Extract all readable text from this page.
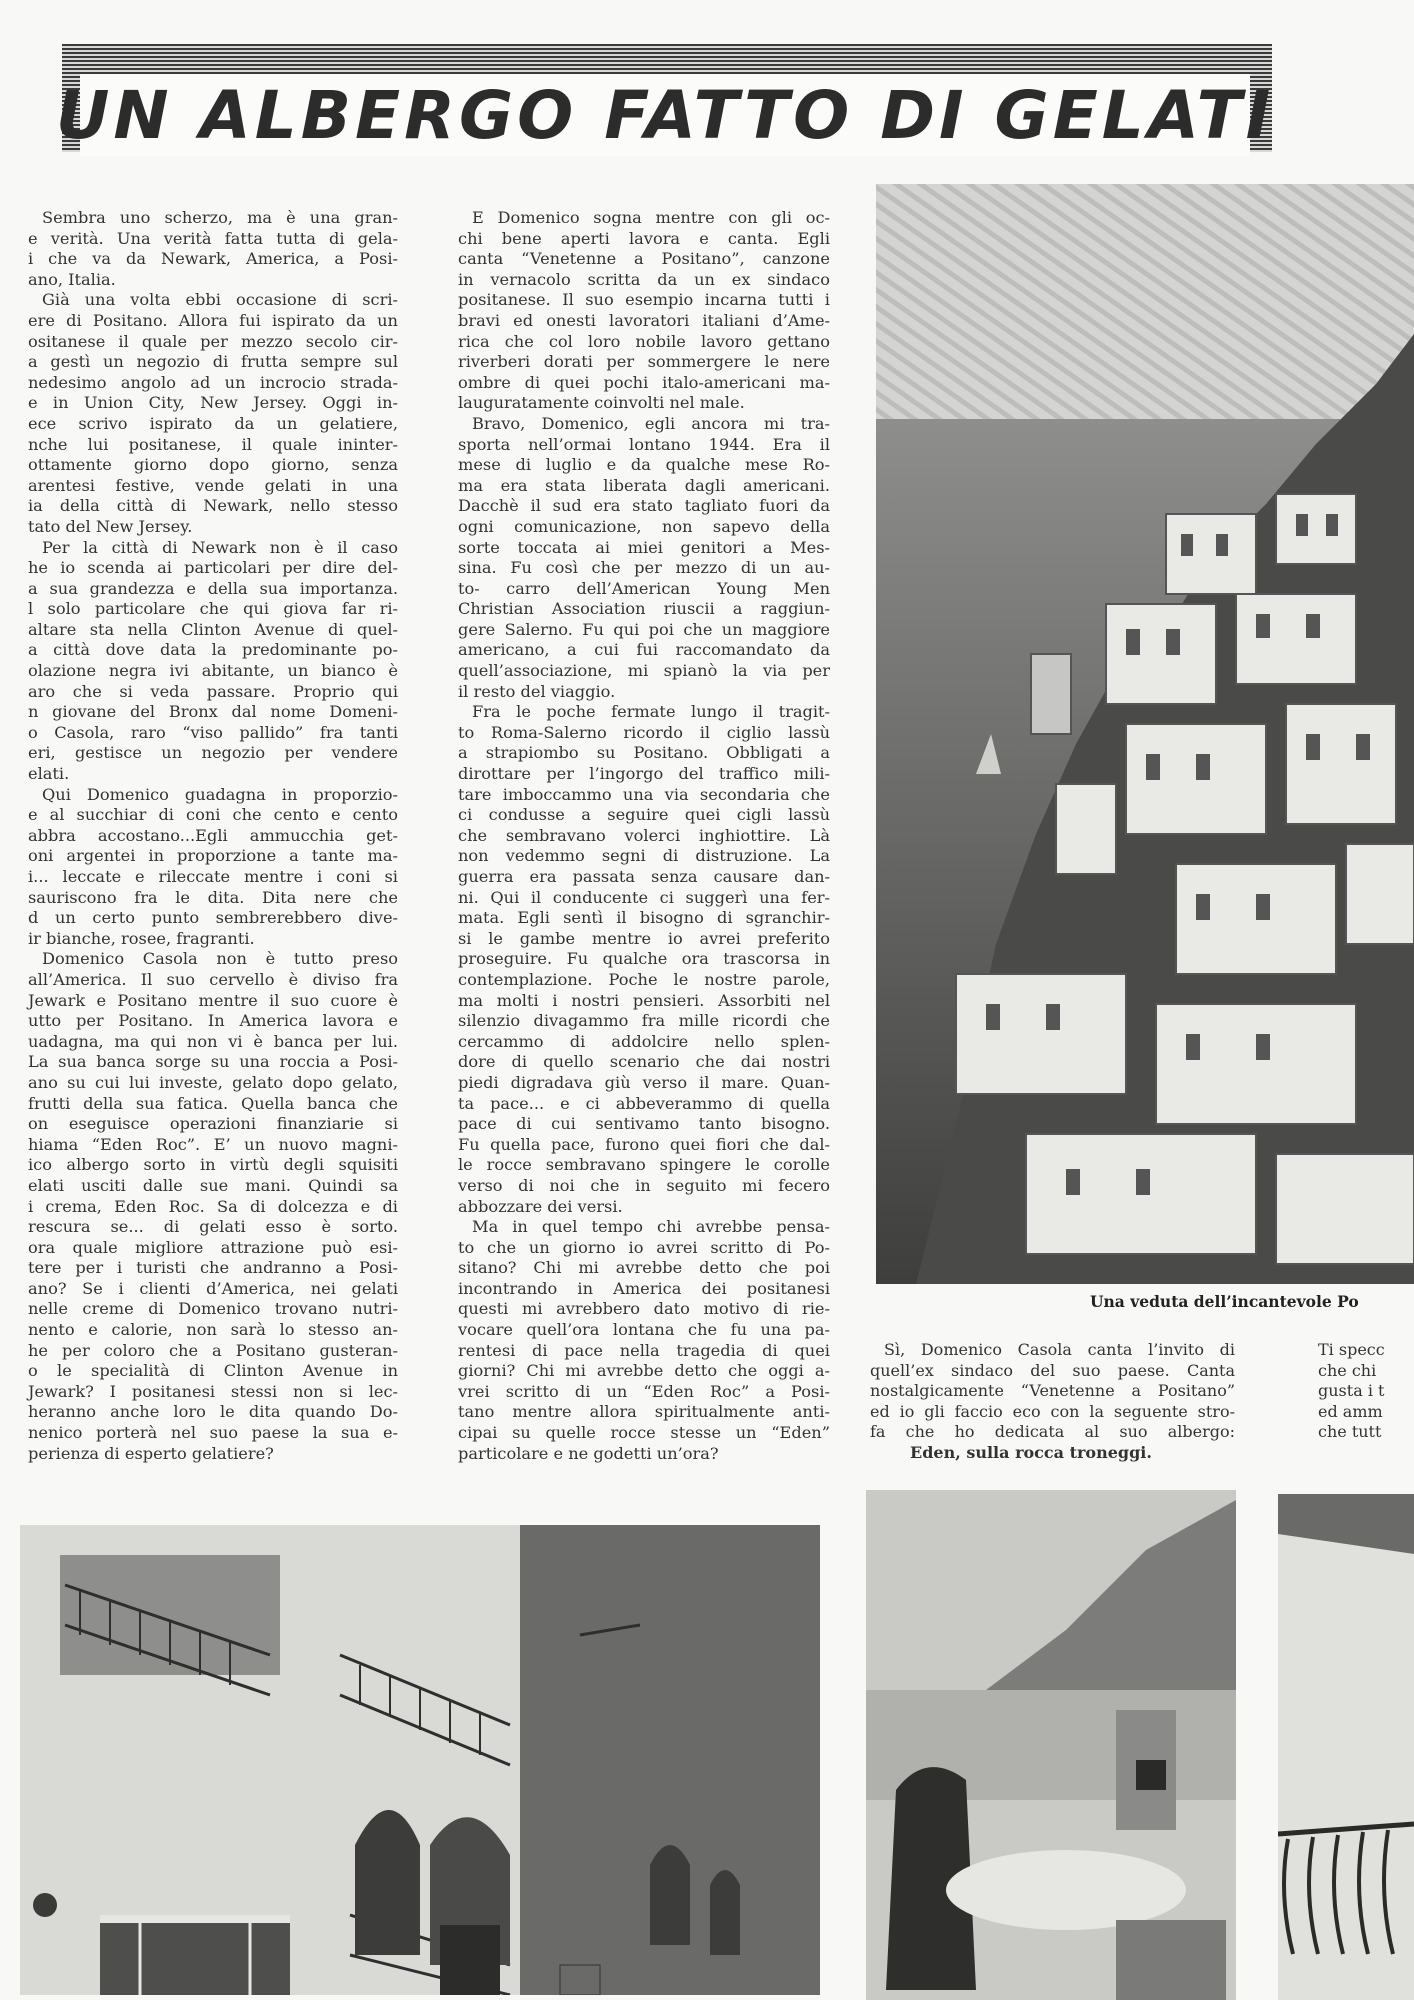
UN ALBERGO FATTO DI GELATI
Sembra uno scherzo, ma è una gran-
e verità. Una verità fatta tutta di gela-
i che va da Newark, America, a Posi-
ano, Italia.
Già una volta ebbi occasione di scri-
ere di Positano. Allora fui ispirato da un
ositanese il quale per mezzo secolo cir-
a gestì un negozio di frutta sempre sul
nedesimo angolo ad un incrocio strada-
e in Union City, New Jersey. Oggi in-
ece scrivo ispirato da un gelatiere,
nche lui positanese, il quale ininter-
ottamente giorno dopo giorno, senza
arentesi festive, vende gelati in una
ia della città di Newark, nello stesso
tato del New Jersey.
Per la città di Newark non è il caso
he io scenda ai particolari per dire del-
a sua grandezza e della sua importanza.
l solo particolare che qui giova far ri-
altare sta nella Clinton Avenue di quel-
a città dove data la predominante po-
olazione negra ivi abitante, un bianco è
aro che si veda passare. Proprio qui
n giovane del Bronx dal nome Domeni-
o Casola, raro “viso pallido” fra tanti
eri, gestisce un negozio per vendere
elati.
Qui Domenico guadagna in proporzio-
e al succhiar di coni che cento e cento
abbra accostano...Egli ammucchia get-
oni argentei in proporzione a tante ma-
i... leccate e rileccate mentre i coni si
sauriscono fra le dita. Dita nere che
d un certo punto sembrerebbero dive-
ir bianche, rosee, fragranti.
Domenico Casola non è tutto preso
all’America. Il suo cervello è diviso fra
Jewark e Positano mentre il suo cuore è
utto per Positano. In America lavora e
uadagna, ma qui non vi è banca per lui.
La sua banca sorge su una roccia a Posi-
ano su cui lui investe, gelato dopo gelato,
frutti della sua fatica. Quella banca che
on eseguisce operazioni finanziarie si
hiama “Eden Roc”. E’ un nuovo magni-
ico albergo sorto in virtù degli squisiti
elati usciti dalle sue mani. Quindi sa
i crema, Eden Roc. Sa di dolcezza e di
rescura se... di gelati esso è sorto.
ora quale migliore attrazione può esi-
tere per i turisti che andranno a Posi-
ano? Se i clienti d’America, nei gelati
nelle creme di Domenico trovano nutri-
nento e calorie, non sarà lo stesso an-
he per coloro che a Positano gusteran-
o le specialità di Clinton Avenue in
Jewark? I positanesi stessi non si lec-
heranno anche loro le dita quando Do-
nenico porterà nel suo paese la sua e-
perienza di esperto gelatiere?
E Domenico sogna mentre con gli oc-
chi bene aperti lavora e canta. Egli
canta “Venetenne a Positano”, canzone
in vernacolo scritta da un ex sindaco
positanese. Il suo esempio incarna tutti i
bravi ed onesti lavoratori italiani d’Ame-
rica che col loro nobile lavoro gettano
riverberi dorati per sommergere le nere
ombre di quei pochi italo-americani ma-
lauguratamente coinvolti nel male.
Bravo, Domenico, egli ancora mi tra-
sporta nell’ormai lontano 1944. Era il
mese di luglio e da qualche mese Ro-
ma era stata liberata dagli americani.
Dacchè il sud era stato tagliato fuori da
ogni comunicazione, non sapevo della
sorte toccata ai miei genitori a Mes-
sina. Fu così che per mezzo di un au-
to- carro dell’American Young Men
Christian Association riuscii a raggiun-
gere Salerno. Fu qui poi che un maggiore
americano, a cui fui raccomandato da
quell’associazione, mi spianò la via per
il resto del viaggio.
Fra le poche fermate lungo il tragit-
to Roma-Salerno ricordo il ciglio lassù
a strapiombo su Positano. Obbligati a
dirottare per l’ingorgo del traffico mili-
tare imboccammo una via secondaria che
ci condusse a seguire quei cigli lassù
che sembravano volerci inghiottire. Là
non vedemmo segni di distruzione. La
guerra era passata senza causare dan-
ni. Qui il conducente ci suggerì una fer-
mata. Egli sentì il bisogno di sgranchir-
si le gambe mentre io avrei preferito
proseguire. Fu qualche ora trascorsa in
contemplazione. Poche le nostre parole,
ma molti i nostri pensieri. Assorbiti nel
silenzio divagammo fra mille ricordi che
cercammo di addolcire nello splen-
dore di quello scenario che dai nostri
piedi digradava giù verso il mare. Quan-
ta pace... e ci abbeverammo di quella
pace di cui sentivamo tanto bisogno.
Fu quella pace, furono quei fiori che dal-
le rocce sembravano spingere le corolle
verso di noi che in seguito mi fecero
abbozzare dei versi.
Ma in quel tempo chi avrebbe pensa-
to che un giorno io avrei scritto di Po-
sitano? Chi mi avrebbe detto che poi
incontrando in America dei positanesi
questi mi avrebbero dato motivo di rie-
vocare quell’ora lontana che fu una pa-
rentesi di pace nella tragedia di quei
giorni? Chi mi avrebbe detto che oggi a-
vrei scritto di un “Eden Roc” a Posi-
tano mentre allora spiritualmente anti-
cipai su quelle rocce stesse un “Eden”
particolare e ne godetti un’ora?
Una veduta dell’incantevole Po
Sì, Domenico Casola canta l’invito di
quell’ex sindaco del suo paese. Canta
nostalgicamente “Venetenne a Positano”
ed io gli faccio eco con la seguente stro-
fa che ho dedicata al suo albergo:
Eden, sulla rocca troneggi.
Ti specc
che chi
gusta i t
ed amm
che tutt
